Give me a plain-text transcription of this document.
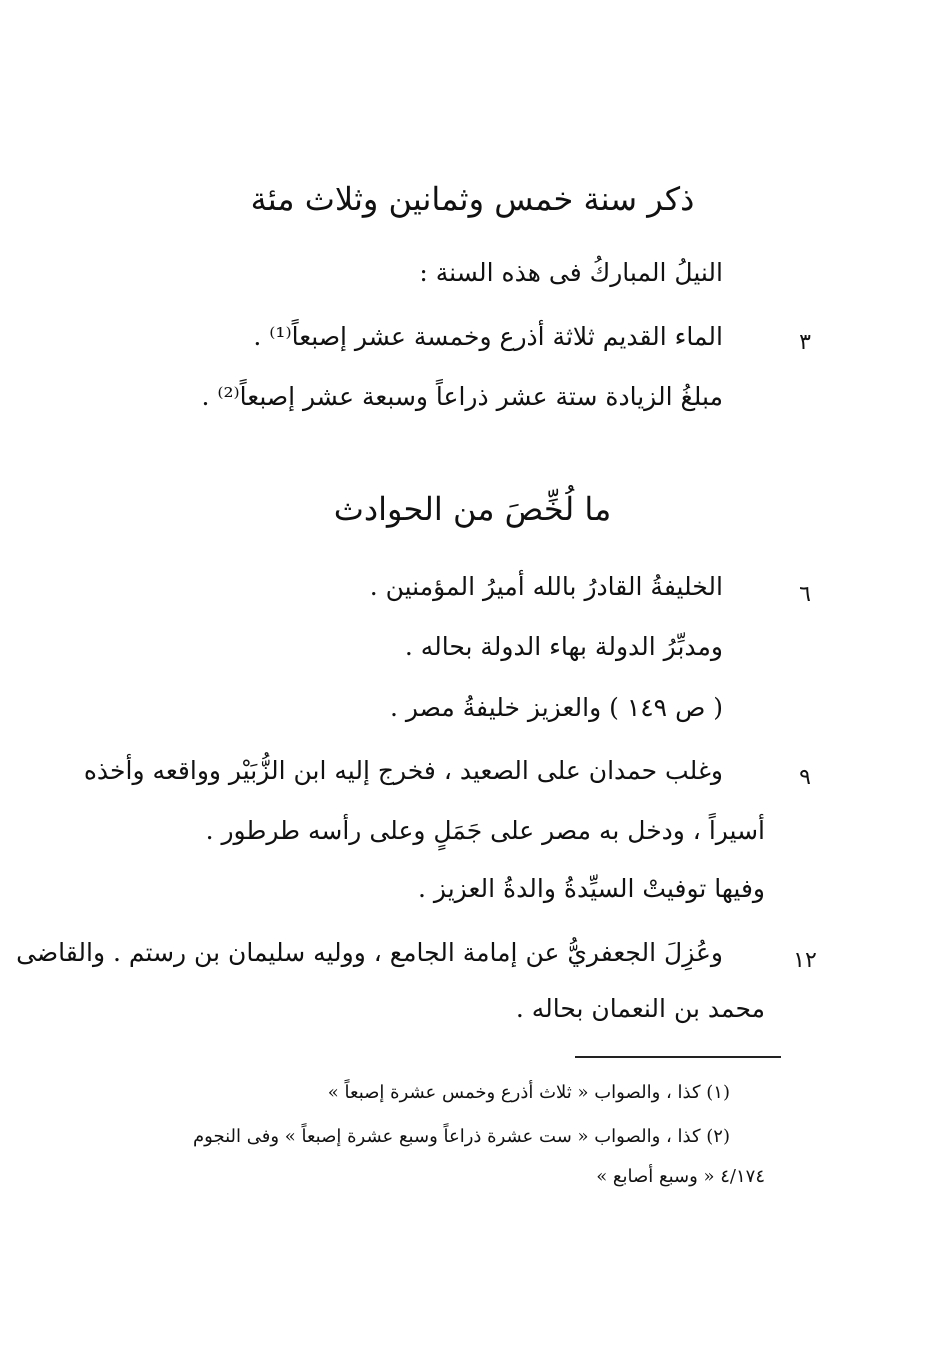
ذكر سنة خمس وثمانين وثلاث مئة
النيلُ المباركُ فى هذه السنة :
٣
الماء القديم ثلاثة أذرع وخمسة عشر إصبعاً⁽¹⁾ .
مبلغُ الزيادة ستة عشر ذراعاً وسبعة عشر إصبعاً⁽²⁾ .
ما لُخِّصَ من الحوادث
٦
الخليفةُ القادرُ بالله أميرُ المؤمنين .
ومدبِّرُ الدولة بهاء الدولة بحاله .
( ص ١٤٩ ) والعزيز خليفةُ مصر .
٩
وغلب حمدان على الصعيد ، فخرج إليه ابن الزُّبَيْر وواقعه وأخذه
أسيراً ، ودخل به مصر على جَمَلٍ وعلى رأسه طرطور .
وفيها توفيتْ السيِّدةُ والدةُ العزيز .
١٢
وعُزِلَ الجعفريُّ عن إمامة الجامع ، ووليه سليمان بن رستم . والقاضى
محمد بن النعمان بحاله .
(١) كذا ، والصواب « ثلاث أذرع وخمس عشرة إصبعاً »
(٢) كذا ، والصواب « ست عشرة ذراعاً وسبع عشرة إصبعاً » وفى النجوم
٤/١٧٤ « وسبع أصابع »
